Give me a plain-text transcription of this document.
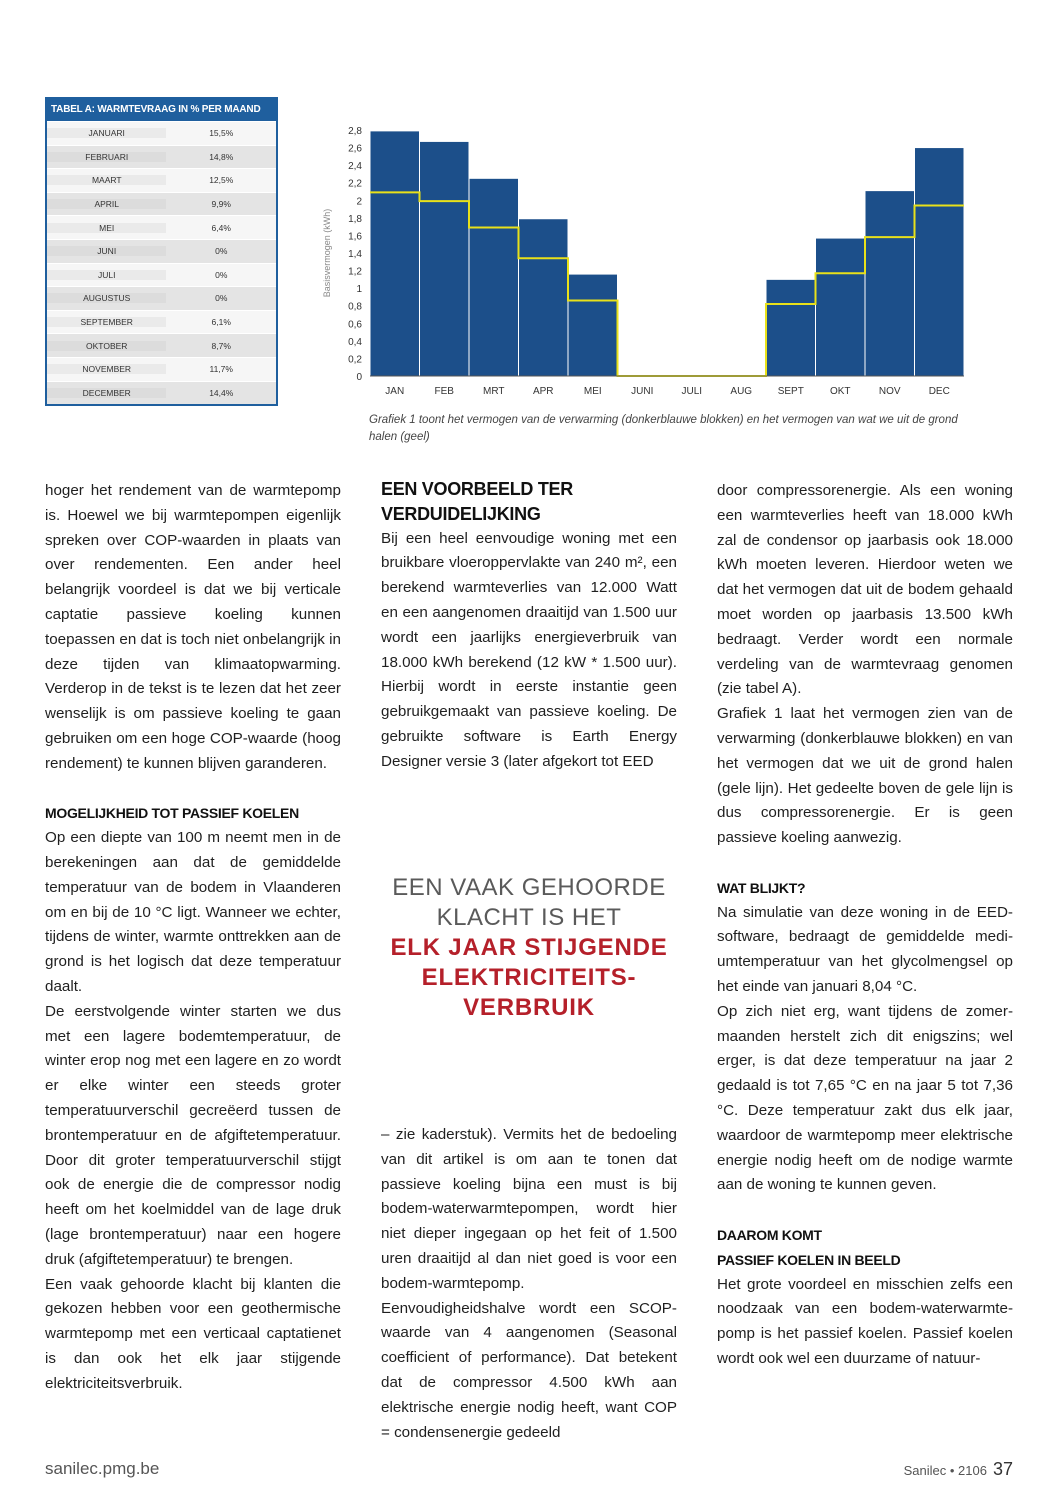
TABEL A: WARMTEVRAAG IN % PER MAAND
JANUARI	15,5%
FEBRUARI	14,8%
MAART	12,5%
APRIL	9,9%
MEI	6,4%
JUNI	0%
JULI	0%
AUGUSTUS	0%
SEPTEMBER	6,1%
OKTOBER	8,7%
NOVEMBER	11,7%
DECEMBER	14,4%
0
0,2
0,4
0,6
0,8
1
1,2
1,4
1,6
1,8
2
2,2
2,4
2,6
2,8
Basisvermogen (kWh)
JAN	FEB	MRT	APR	MEI	JUNI	JULI	AUG	SEPT	OKT	NOV	DEC
Grafiek 1 toont het vermogen van de verwarming (donkerblauwe blokken) en het vermogen van wat we uit de grond halen (geel)

hoger het rendement van de warmtepomp is. Hoewel we bij warmtepompen eigenlijk spreken over COP-waarden in plaats van over rendementen. Een ander heel belangrijk voordeel is dat we bij verticale captatie passieve koeling kunnen toepassen en dat is toch niet onbelangrijk in deze tijden van klimaatopwarming. Verderop in de tekst is te lezen dat het zeer wenselijk is om passieve koeling te gaan gebruiken om een hoge COP-waarde (hoog rendement) te kunnen blijven garanderen.

MOGELIJKHEID TOT PASSIEF KOELEN

Op een diepte van 100 m neemt men in de berekeningen aan dat de gemiddelde temperatuur van de bodem in Vlaanderen om en bij de 10 °C ligt. Wanneer we echter, tijdens de winter, warmte onttrekken aan de grond is het logisch dat deze temperatuur daalt.

De eerstvolgende winter starten we dus met een lagere bodemtemperatuur, de winter erop nog met een lagere en zo wordt er elke winter een steeds groter temperatuurverschil gecreëerd tussen de brontemperatuur en de afgiftetemperatuur. Door dit groter temperatuurverschil stijgt ook de energie die de compressor nodig heeft om het koelmiddel van de lage druk (lage brontemperatuur) naar een hogere druk (afgiftetemperatuur) te brengen.

Een vaak gehoorde klacht bij klanten die gekozen hebben voor een geothermische warmtepomp met een verticaal captatienet is dan ook het elk jaar stijgende elektriciteitsverbruik.

EEN VOORBEELD TER VERDUIDELIJKING

Bij een heel eenvoudige woning met een bruikbare vloeroppervlakte van 240 m², een berekend warmteverlies van 12.000 Watt en een aangenomen draaitijd van 1.500 uur wordt een jaarlijks energieverbruik van 18.000 kWh berekend (12 kW * 1.500 uur). Hierbij wordt in eerste instantie geen gebruikgemaakt van passieve koeling. De gebruikte software is Earth Energy Designer versie 3 (later afgekort tot EED

EEN VAAK GEHOORDE
KLACHT IS HET
ELK JAAR STIJGENDE
ELEKTRICITEITS-
VERBRUIK

– zie kaderstuk). Vermits het de bedoeling van dit artikel is om aan te tonen dat passieve koeling bijna een must is bij bodem-waterwarmtepompen, wordt hier niet dieper ingegaan op het feit of 1.500 uren draaitijd al dan niet goed is voor een bodem-warmtepomp.

Eenvoudigheidshalve wordt een SCOP-waarde van 4 aangenomen (Seasonal coefficient of performance). Dat betekent dat de compressor 4.500 kWh aan elektrische energie nodig heeft, want COP = condensenergie gedeeld

door compressorenergie. Als een woning een warmteverlies heeft van 18.000 kWh zal de condensor op jaarbasis ook 18.000 kWh moeten leveren. Hierdoor weten we dat het vermogen dat uit de bodem gehaald moet worden op jaarbasis 13.500 kWh bedraagt. Verder wordt een normale verdeling van de warmtevraag genomen (zie tabel A).

Grafiek 1 laat het vermogen zien van de verwarming (donkerblauwe blokken) en van het vermogen dat we uit de grond halen (gele lijn). Het gedeelte boven de gele lijn is dus compressorenergie. Er is geen passieve koeling aanwezig.

WAT BLIJKT?

Na simulatie van deze woning in de EED-software, bedraagt de gemiddelde mediumtemperatuur van het glycolmengsel op het einde van januari 8,04 °C.

Op zich niet erg, want tijdens de zomermaanden herstelt zich dit enigszins; wel erger, is dat deze temperatuur na jaar 2 gedaald is tot 7,65 °C en na jaar 5 tot 7,36 °C. Deze temperatuur zakt dus elk jaar, waardoor de warmtepomp meer elektrische energie nodig heeft om de nodige warmte aan de woning te kunnen geven.

DAAROM KOMT
PASSIEF KOELEN IN BEELD

Het grote voordeel en misschien zelfs een noodzaak van een bodem-waterwarmtepomp is het passief koelen. Passief koelen wordt ook wel een duurzame of natuur-

sanilec.pmg.be	Sanilec • 2106 37
